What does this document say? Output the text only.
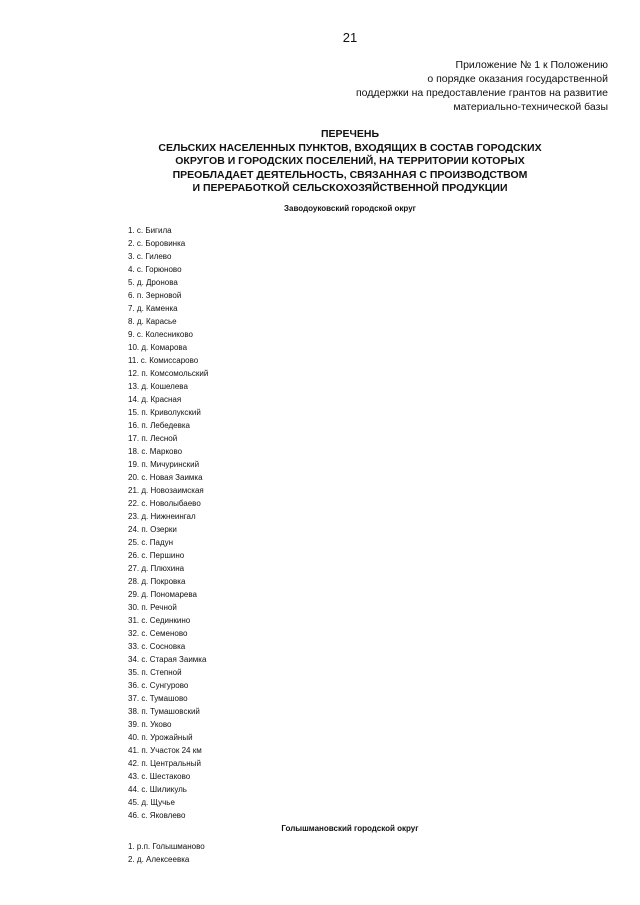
21
Приложение № 1 к Положению
о порядке оказания государственной
поддержки на предоставление грантов на развитие
материально-технической базы
ПЕРЕЧЕНЬ
СЕЛЬСКИХ НАСЕЛЕННЫХ ПУНКТОВ, ВХОДЯЩИХ В СОСТАВ ГОРОДСКИХ
ОКРУГОВ И ГОРОДСКИХ ПОСЕЛЕНИЙ, НА ТЕРРИТОРИИ КОТОРЫХ
ПРЕОБЛАДАЕТ ДЕЯТЕЛЬНОСТЬ, СВЯЗАННАЯ С ПРОИЗВОДСТВОМ
И ПЕРЕРАБОТКОЙ СЕЛЬСКОХОЗЯЙСТВЕННОЙ ПРОДУКЦИИ
Заводоуковский городской округ
1. с. Бигила
2. с. Боровинка
3. с. Гилево
4. с. Горюново
5. д. Дронова
6. п. Зерновой
7. д. Каменка
8. д. Карасье
9. с. Колесниково
10. д. Комарова
11. с. Комиссарово
12. п. Комсомольский
13. д. Кошелева
14. д. Красная
15. п. Криволукский
16. п. Лебедевка
17. п. Лесной
18. с. Марково
19. п. Мичуринский
20. с. Новая Заимка
21. д. Новозаимская
22. с. Новолыбаево
23. д. Нижнеингал
24. п. Озерки
25. с. Падун
26. с. Першино
27. д. Плюхина
28. д. Покровка
29. д. Пономарева
30. п. Речной
31. с. Сединкино
32. с. Семеново
33. с. Сосновка
34. с. Старая Заимка
35. п. Степной
36. с. Сунгурово
37. с. Тумашово
38. п. Тумашовский
39. п. Уково
40. п. Урожайный
41. п. Участок 24 км
42. п. Центральный
43. с. Шестаково
44. с. Шиликуль
45. д. Щучье
46. с. Яковлево
Голышмановский городской округ
1. р.п. Голышманово
2. д. Алексеевка
